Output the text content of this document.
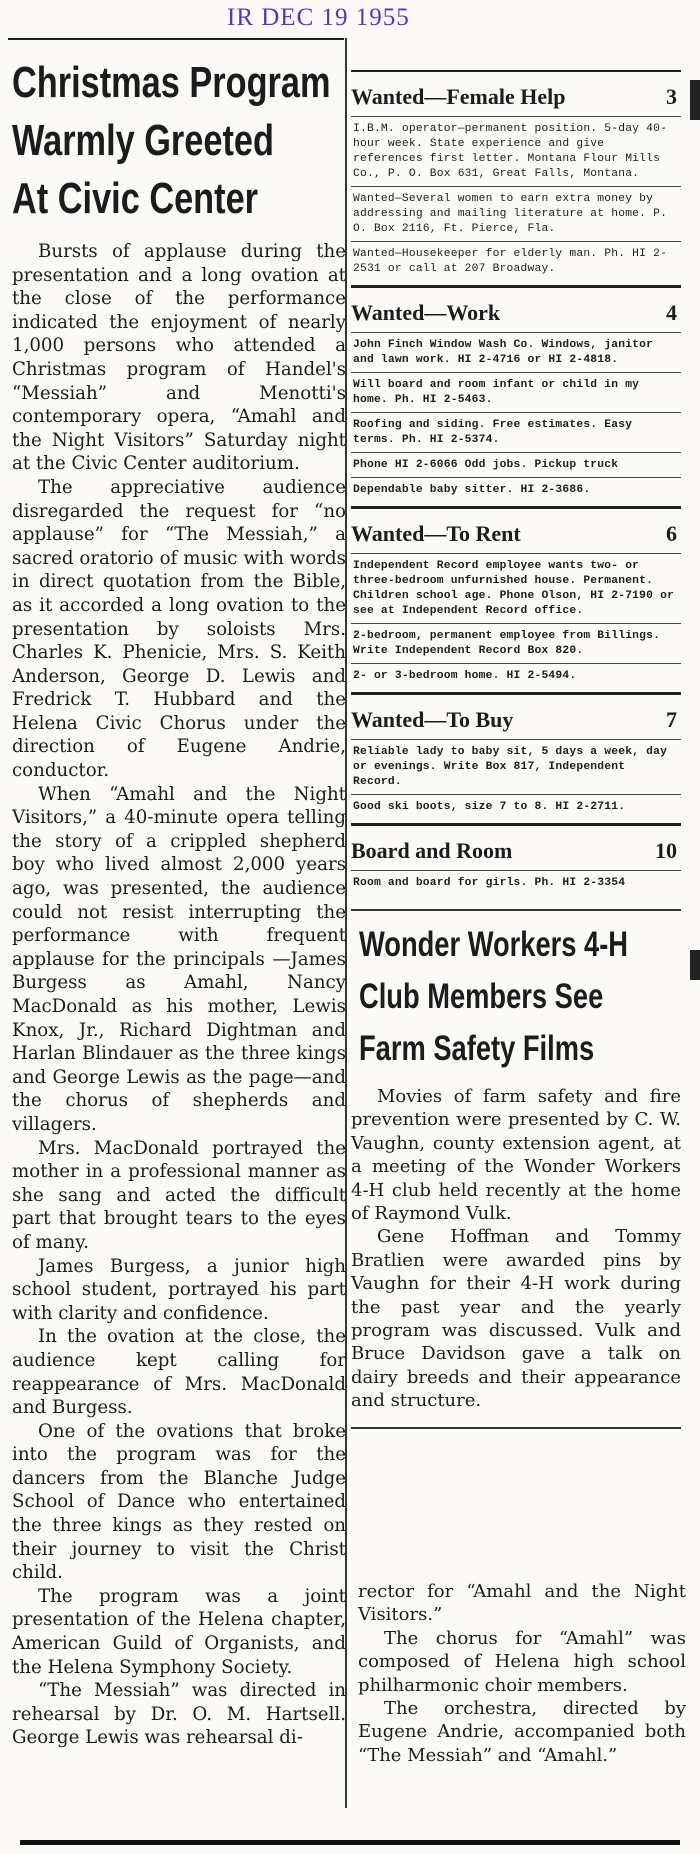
IR DEC 19 1955
Christmas Program
Warmly Greeted
At Civic Center

Bursts of applause during the presentation and a long ovation at the close of the performance indicated the enjoyment of nearly 1,000 persons who attended a Christmas program of Handel's “Messiah” and Menotti's contemporary opera, “Amahl and the Night Visitors” Saturday night at the Civic Center auditorium.

The appreciative audience disregarded the request for “no applause” for “The Messiah,” a sacred oratorio of music with words in direct quotation from the Bible, as it accorded a long ovation to the presentation by soloists Mrs. Charles K. Phenicie, Mrs. S. Keith Anderson, George D. Lewis and Fredrick T. Hubbard and the Helena Civic Chorus under the direction of Eugene Andrie, conductor.

When “Amahl and the Night Visitors,” a 40-minute opera telling the story of a crippled shepherd boy who lived almost 2,000 years ago, was presented, the audience could not resist interrupting the performance with frequent applause for the principals —James Burgess as Amahl, Nancy MacDonald as his mother, Lewis Knox, Jr., Richard Dightman and Harlan Blindauer as the three kings and George Lewis as the page—and the chorus of shepherds and villagers.

Mrs. MacDonald portrayed the mother in a professional manner as she sang and acted the difficult part that brought tears to the eyes of many.

James Burgess, a junior high school student, portrayed his part with clarity and confidence.

In the ovation at the close, the audience kept calling for reappearance of Mrs. MacDonald and Burgess.

One of the ovations that broke into the program was for the dancers from the Blanche Judge School of Dance who entertained the three kings as they rested on their journey to visit the Christ child.

The program was a joint presentation of the Helena chapter, American Guild of Organists, and the Helena Symphony Society.

“The Messiah” was directed in rehearsal by Dr. O. M. Hartsell. George Lewis was rehearsal di-

Wanted—Female Help	3
I.B.M. operator—permanent position. 5-day 40-hour week. State experience and give references first letter. Montana Flour Mills Co., P. O. Box 631, Great Falls, Montana.
Wanted—Several women to earn extra money by addressing and mailing literature at home. P. O. Box 2116, Ft. Pierce, Fla.
Wanted—Housekeeper for elderly man. Ph. HI 2-2531 or call at 207 Broadway.
Wanted—Work	4
John Finch Window Wash Co. Windows, janitor and lawn work. HI 2-4716 or HI 2-4818.
Will board and room infant or child in my home. Ph. HI 2-5463.
Roofing and siding. Free estimates. Easy terms. Ph. HI 2-5374.
Phone HI 2-6066 Odd jobs. Pickup truck
Dependable baby sitter. HI 2-3686.
Wanted—To Rent	6
Independent Record employee wants two- or three-bedroom unfurnished house. Permanent. Children school age. Phone Olson, HI 2-7190 or see at Independent Record office.
2-bedroom, permanent employee from Billings. Write Independent Record Box 820.
2- or 3-bedroom home. HI 2-5494.
Wanted—To Buy	7
Reliable lady to baby sit, 5 days a week, day or evenings. Write Box 817, Independent Record.
Good ski boots, size 7 to 8. HI 2-2711.
Board and Room	10
Room and board for girls. Ph. HI 2-3354
Wonder Workers 4-H
Club Members See
Farm Safety Films

Movies of farm safety and fire prevention were presented by C. W. Vaughn, county extension agent, at a meeting of the Wonder Workers 4-H club held recently at the home of Raymond Vulk.

Gene Hoffman and Tommy Bratlien were awarded pins by Vaughn for their 4-H work during the past year and the yearly program was discussed. Vulk and Bruce Davidson gave a talk on dairy breeds and their appearance and structure.

rector for “Amahl and the Night Visitors.”

The chorus for “Amahl” was composed of Helena high school philharmonic choir members.

The orchestra, directed by Eugene Andrie, accompanied both “The Messiah” and “Amahl.”
